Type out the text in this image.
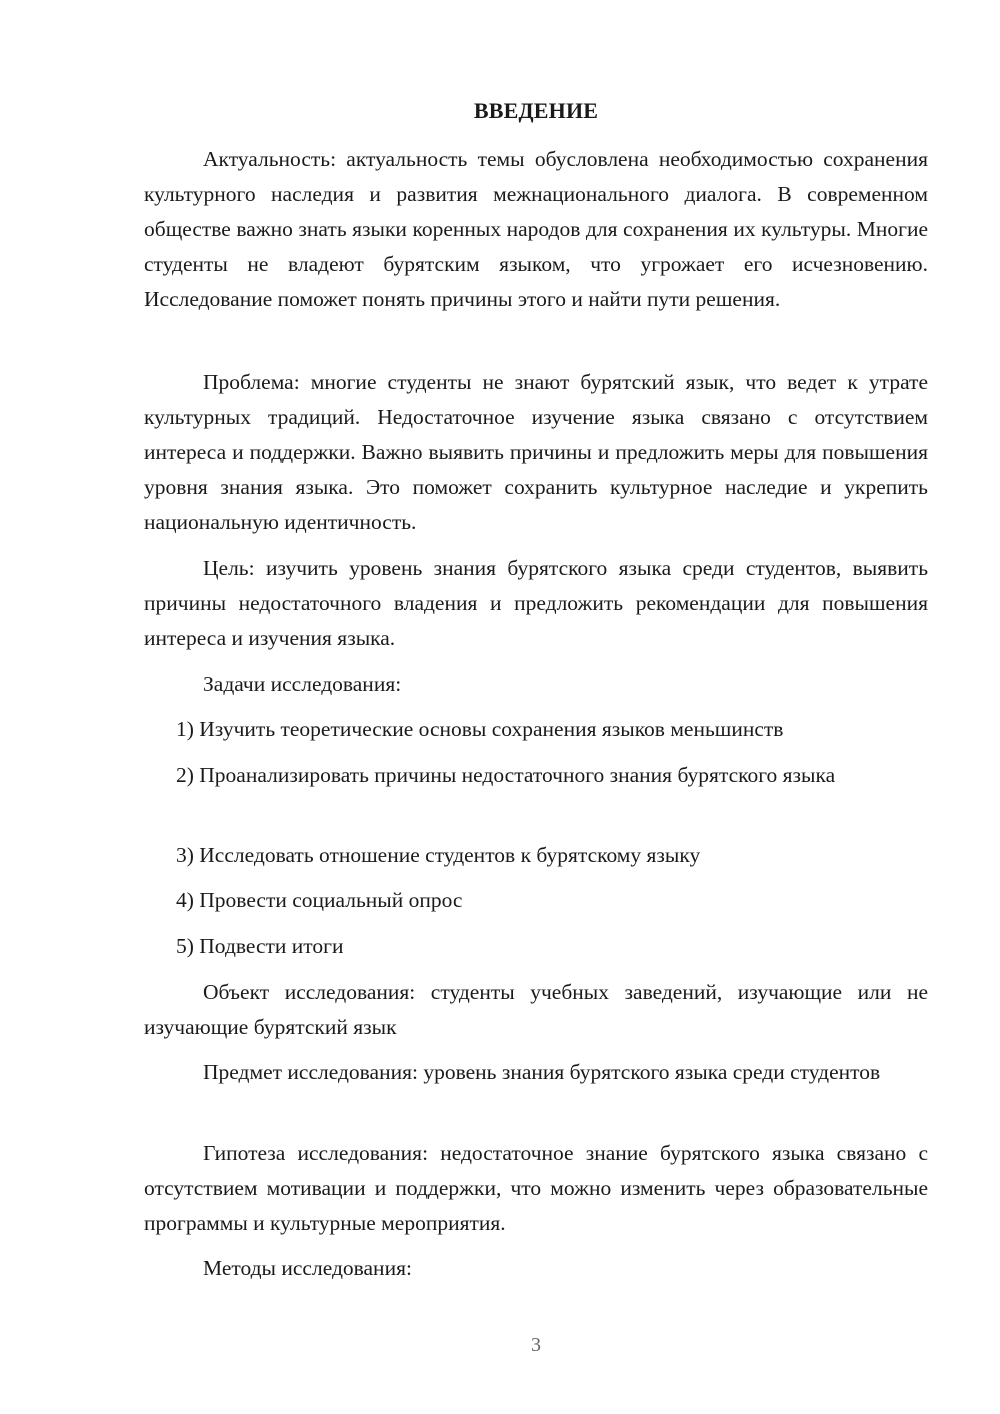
ВВЕДЕНИЕ

Актуальность: актуальность темы обусловлена необходимостью сохранения культурного наследия и развития межнационального диалога. В современном обществе важно знать языки коренных народов для сохранения их культуры. Многие студенты не владеют бурятским языком, что угрожает его исчезновению. Исследование поможет понять причины этого и найти пути решения.

Проблема: многие студенты не знают бурятский язык, что ведет к утрате культурных традиций. Недостаточное изучение языка связано с отсутствием интереса и поддержки. Важно выявить причины и предложить меры для повышения уровня знания языка. Это поможет сохранить культурное наследие и укрепить национальную идентичность.

Цель: изучить уровень знания бурятского языка среди студентов, выявить причины недостаточного владения и предложить рекомендации для повышения интереса и изучения языка.

Задачи исследования:

1) Изучить теоретические основы сохранения языков меньшинств

2) Проанализировать причины недостаточного знания бурятского языка

3) Исследовать отношение студентов к бурятскому языку

4) Провести социальный опрос

5) Подвести итоги

Объект исследования: студенты учебных заведений, изучающие или не изучающие бурятский язык

Предмет исследования: уровень знания бурятского языка среди студентов

Гипотеза исследования: недостаточное знание бурятского языка связано с отсутствием мотивации и поддержки, что можно изменить через образовательные программы и культурные мероприятия.

Методы исследования:

3
